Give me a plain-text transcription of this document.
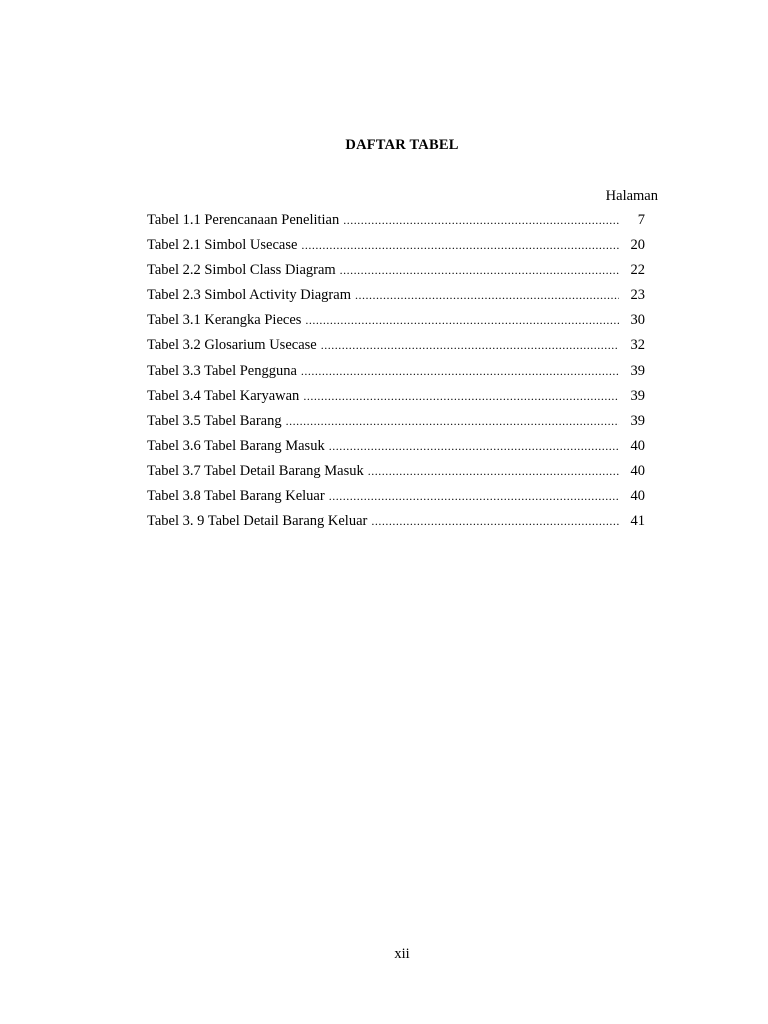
DAFTAR TABEL
Halaman
Tabel 1.1 Perencanaan Penelitian .....	7
Tabel 2.1 Simbol Usecase .....	20
Tabel 2.2 Simbol Class Diagram .....	22
Tabel 2.3 Simbol Activity Diagram .....	23
Tabel 3.1 Kerangka Pieces .....	30
Tabel 3.2 Glosarium Usecase .....	32
Tabel 3.3 Tabel Pengguna .....	39
Tabel 3.4 Tabel Karyawan .....	39
Tabel 3.5 Tabel Barang .....	39
Tabel 3.6 Tabel Barang Masuk .....	40
Tabel 3.7 Tabel Detail Barang Masuk .....	40
Tabel 3.8 Tabel Barang Keluar .....	40
Tabel 3. 9 Tabel Detail Barang Keluar .....	41
xii
